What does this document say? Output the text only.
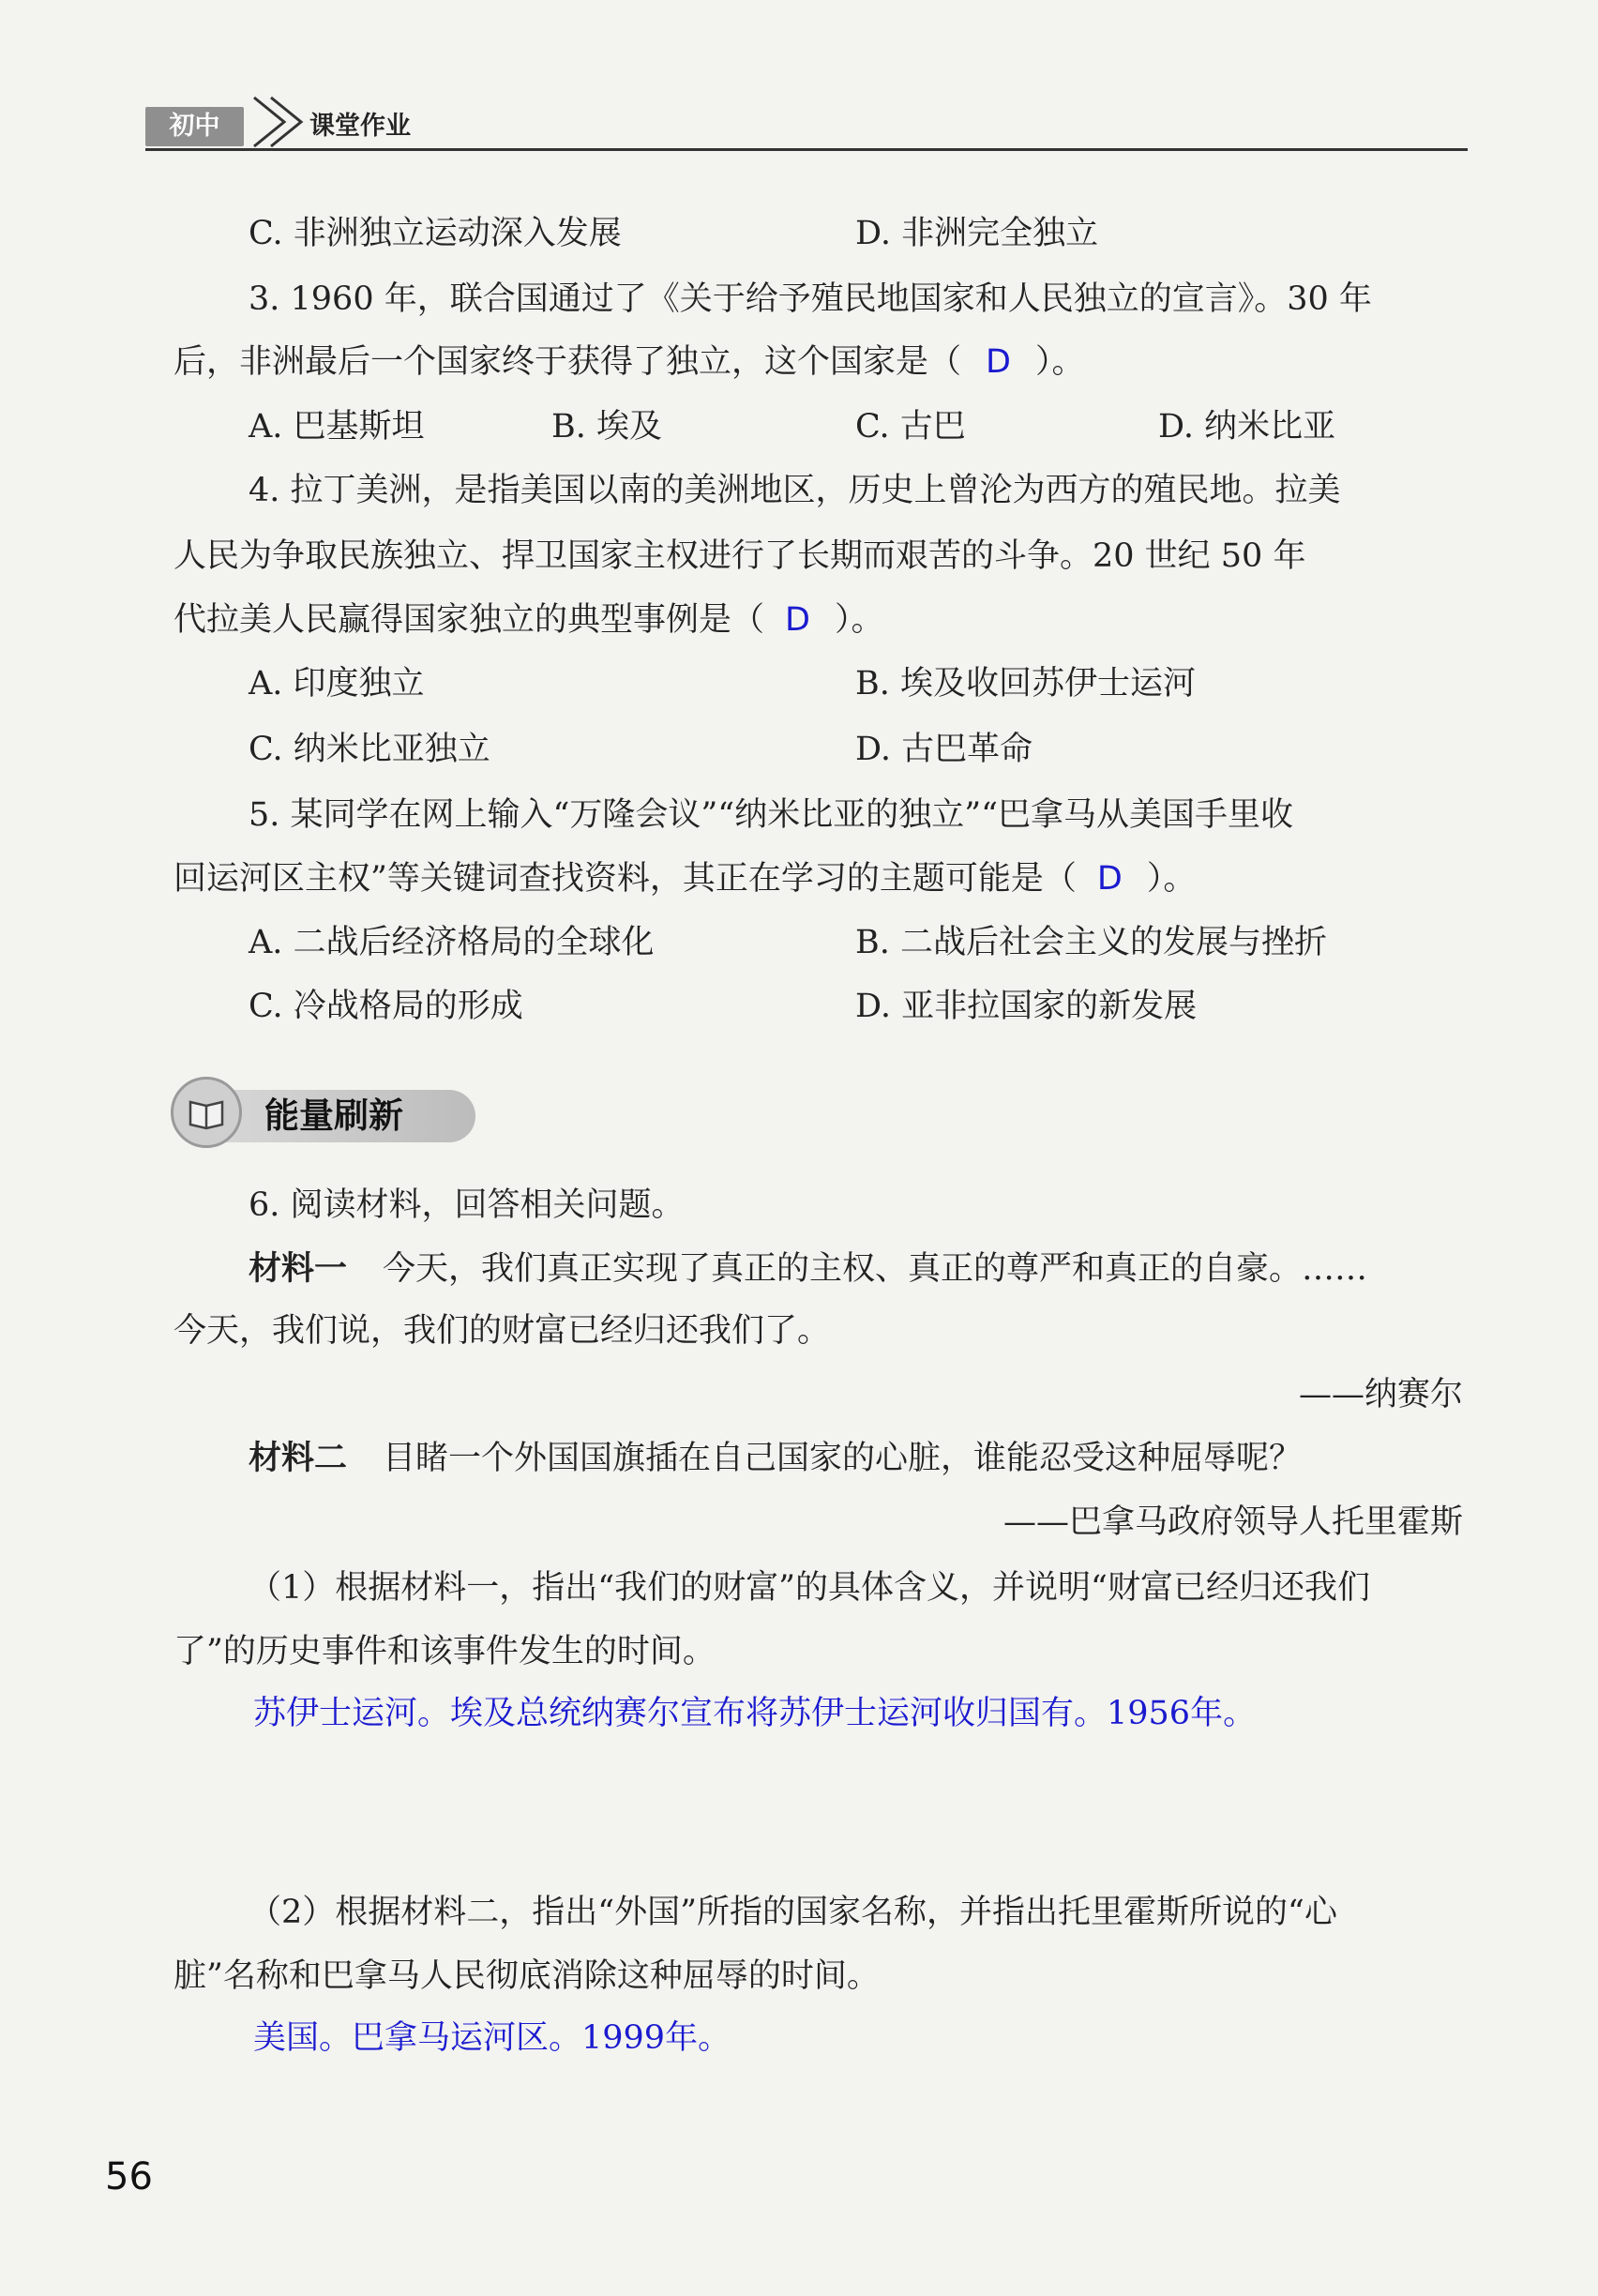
初中	课堂作业
C. 非洲独立运动深入发展	D. 非洲完全独立
3. 1960 年，联合国通过了《关于给予殖民地国家和人民独立的宣言》。30 年
后，非洲最后一个国家终于获得了独立，这个国家是（ D ）。
A. 巴基斯坦	B. 埃及	C. 古巴	D. 纳米比亚
4. 拉丁美洲，是指美国以南的美洲地区，历史上曾沦为西方的殖民地。拉美
人民为争取民族独立、捍卫国家主权进行了长期而艰苦的斗争。20 世纪 50 年
代拉美人民赢得国家独立的典型事例是（ D ）。
A. 印度独立	B. 埃及收回苏伊士运河
C. 纳米比亚独立	D. 古巴革命
5. 某同学在网上输入“万隆会议”“纳米比亚的独立”“巴拿马从美国手里收
回运河区主权”等关键词查找资料，其正在学习的主题可能是（ D ）。
A. 二战后经济格局的全球化	B. 二战后社会主义的发展与挫折
C. 冷战格局的形成	D. 亚非拉国家的新发展
能量刷新
6. 阅读材料，回答相关问题。
材料一 今天，我们真正实现了真正的主权、真正的尊严和真正的自豪。……
今天，我们说，我们的财富已经归还我们了。
——纳赛尔
材料二 目睹一个外国国旗插在自己国家的心脏，谁能忍受这种屈辱呢？
——巴拿马政府领导人托里霍斯
（1）根据材料一，指出“我们的财富”的具体含义，并说明“财富已经归还我们
了”的历史事件和该事件发生的时间。
苏伊士运河。埃及总统纳赛尔宣布将苏伊士运河收归国有。1956年。
（2）根据材料二，指出“外国”所指的国家名称，并指出托里霍斯所说的“心
脏”名称和巴拿马人民彻底消除这种屈辱的时间。
美国。巴拿马运河区。1999年。
56
